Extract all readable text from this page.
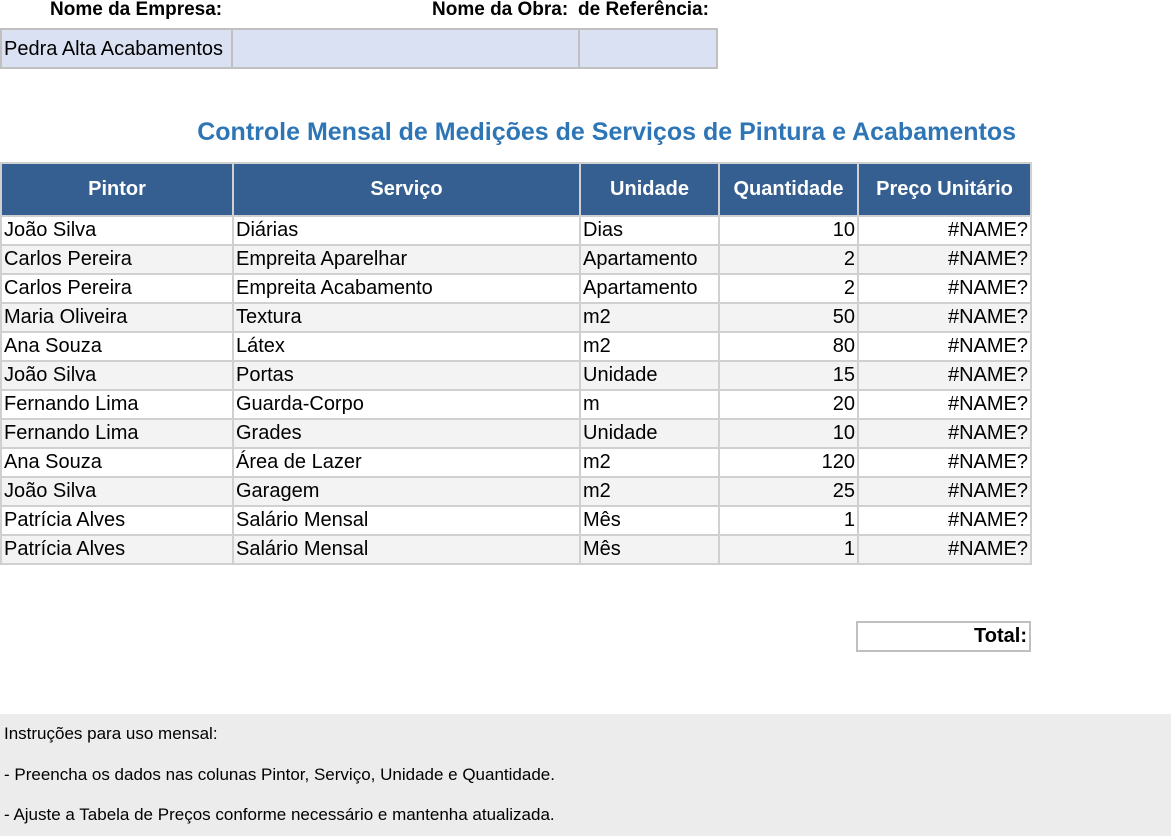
Nome da Empresa:	Nome da Obra: de Referência:
Pedra Alta Acabamentos
Controle Mensal de Medições de Serviços de Pintura e Acabamentos
Pintor	Serviço	Unidade	Quantidade	Preço Unitário
João Silva	Diárias	Dias	10	#NAME?
Carlos Pereira	Empreita Aparelhar	Apartamento	2	#NAME?
Carlos Pereira	Empreita Acabamento	Apartamento	2	#NAME?
Maria Oliveira	Textura	m2	50	#NAME?
Ana Souza	Látex	m2	80	#NAME?
João Silva	Portas	Unidade	15	#NAME?
Fernando Lima	Guarda-Corpo	m	20	#NAME?
Fernando Lima	Grades	Unidade	10	#NAME?
Ana Souza	Área de Lazer	m2	120	#NAME?
João Silva	Garagem	m2	25	#NAME?
Patrícia Alves	Salário Mensal	Mês	1	#NAME?
Patrícia Alves	Salário Mensal	Mês	1	#NAME?
Total:
Instruções para uso mensal:
- Preencha os dados nas colunas Pintor, Serviço, Unidade e Quantidade.
- Ajuste a Tabela de Preços conforme necessário e mantenha atualizada.
